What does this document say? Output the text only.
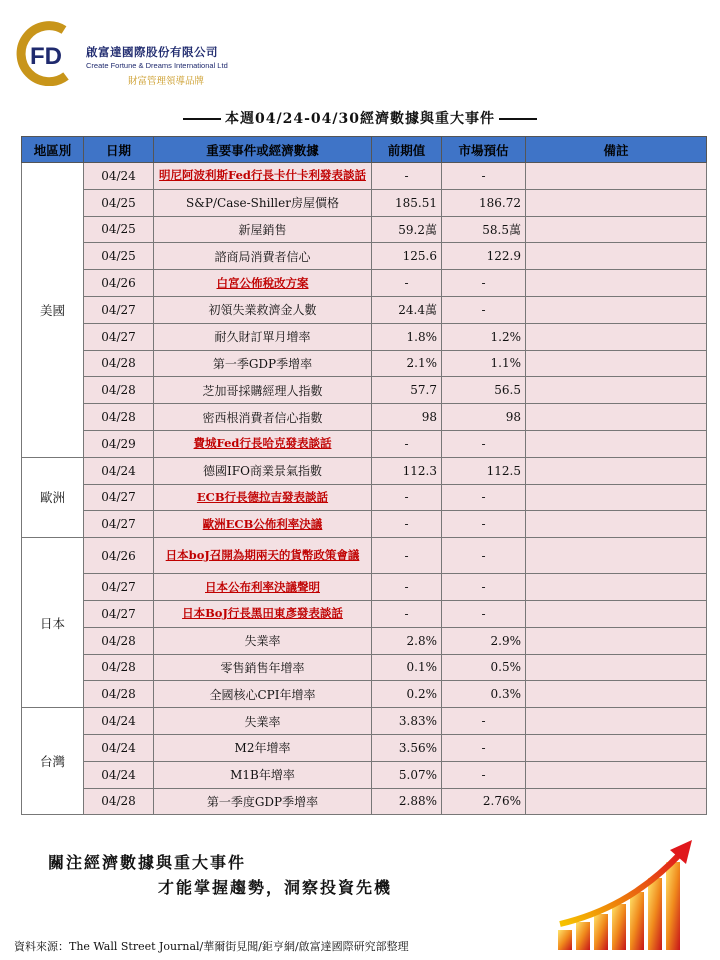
FD 啟富達國際股份有限公司
Create Fortune & Dreams International Ltd
財富管理領導品牌
本週04/24-04/30經濟數據與重大事件
地區別	日期	重要事件或經濟數據	前期值	市場預估	備註
美國	04/24	明尼阿波利斯Fed行長卡什卡利發表談話	-	-	
	04/25	S&P/Case-Shiller房屋價格	185.51	186.72	
	04/25	新屋銷售	59.2萬	58.5萬	
	04/25	諮商局消費者信心	125.6	122.9	
	04/26	白宮公佈稅改方案	-	-	
	04/27	初領失業救濟金人數	24.4萬	-	
	04/27	耐久財訂單月增率	1.8%	1.2%	
	04/28	第一季GDP季增率	2.1%	1.1%	
	04/28	芝加哥採購經理人指數	57.7	56.5	
	04/28	密西根消費者信心指數	98	98	
	04/29	費城Fed行長哈克發表談話	-	-	
歐洲	04/24	德國IFO商業景氣指數	112.3	112.5	
	04/27	ECB行長德拉吉發表談話	-	-	
	04/27	歐洲ECB公佈利率決議	-	-	
日本	04/26	日本boJ召開為期兩天的貨幣政策會議	-	-	
	04/27	日本公布利率決議聲明	-	-	
	04/27	日本BoJ行長黑田東彥發表談話	-	-	
	04/28	失業率	2.8%	2.9%	
	04/28	零售銷售年增率	0.1%	0.5%	
	04/28	全國核心CPI年增率	0.2%	0.3%	
台灣	04/24	失業率	3.83%	-	
	04/24	M2年增率	3.56%	-	
	04/24	M1B年增率	5.07%	-	
	04/28	第一季度GDP季增率	2.88%	2.76%	
關注經濟數據與重大事件
才能掌握趨勢，洞察投資先機
資料來源：The Wall Street Journal/華爾街見聞/鉅亨網/啟富達國際研究部整理
